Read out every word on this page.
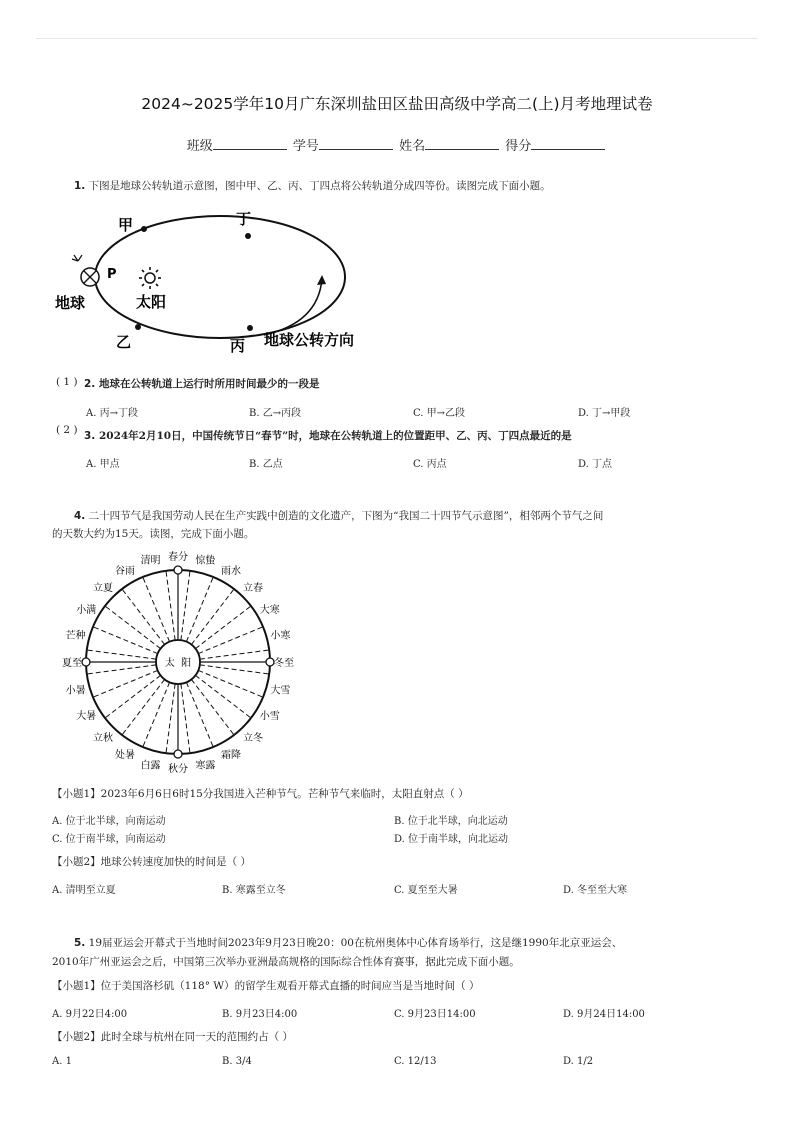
2024~2025学年10月广东深圳盐田区盐田高级中学高二(上)月考地理试卷
班级	学号	姓名	得分
1. 下图是地球公转轨道示意图，图中甲、乙、丙、丁四点将公转轨道分成四等份。读图完成下面小题。
甲	丁
乙	丙
P
地球	太阳
地球公转方向
( 1 ) 2. 地球在公转轨道上运行时所用时间最少的一段是
A. 丙→丁段	B. 乙→丙段	C. 甲→乙段	D. 丁→甲段
( 2 ) 3. 2024年2月10日，中国传统节日“春节”时，地球在公转轨道上的位置距甲、乙、丙、丁四点最近的是
A. 甲点	B. 乙点	C. 丙点	D. 丁点
4. 二十四节气是我国劳动人民在生产实践中创造的文化遗产，下图为“我国二十四节气示意图”，相邻两个节气之间
的天数大约为15天。读图，完成下面小题。
春分 惊蛰
雨水
立春
大寒
小寒
冬至
大雪
小雪
立冬
霜降
寒露
秋分
白露
处暑
立秋
大暑
小暑
夏至
芒种
小满
立夏
谷雨
清明
太  阳
【小题1】2023年6月6日6时15分我国进入芒种节气。芒种节气来临时，太阳直射点（ ）
A. 位于北半球，向南运动	B. 位于北半球，向北运动
C. 位于南半球，向南运动	D. 位于南半球，向北运动
【小题2】地球公转速度加快的时间是（ ）
A. 清明至立夏	B. 寒露至立冬	C. 夏至至大暑	D. 冬至至大寒
5. 19届亚运会开幕式于当地时间2023年9月23日晚20：00在杭州奥体中心体育场举行，这是继1990年北京亚运会、
2010年广州亚运会之后，中国第三次举办亚洲最高规格的国际综合性体育赛事，据此完成下面小题。
【小题1】位于美国洛杉矶（118° W）的留学生观看开幕式直播的时间应当是当地时间（ ）
A. 9月22日4:00	B. 9月23日4:00	C. 9月23日14:00	D. 9月24日14:00
【小题2】此时全球与杭州在同一天的范围约占（ ）
A. 1	B. 3/4	C. 12/13	D. 1/2
